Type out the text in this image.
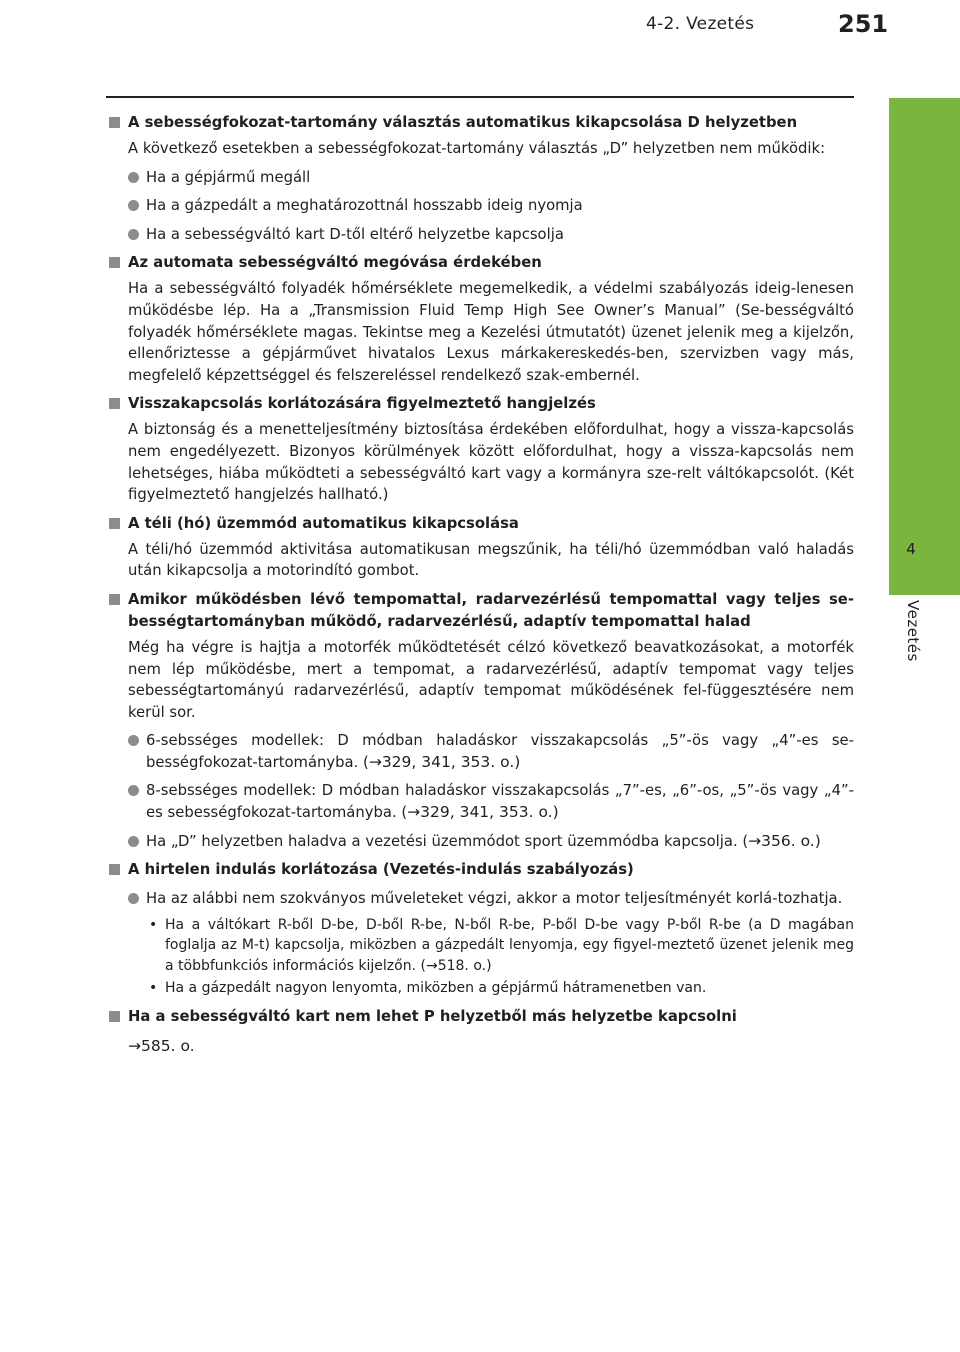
4-2. Vezetés	251
4
Vezetés
A sebességfokozat-tartomány választás automatikus kikapcsolása D helyzetben
A következő esetekben a sebességfokozat-tartomány választás „D” helyzetben nem működik:
Ha a gépjármű megáll
Ha a gázpedált a meghatározottnál hosszabb ideig nyomja
Ha a sebességváltó kart D-től eltérő helyzetbe kapcsolja
Az automata sebességváltó megóvása érdekében
Ha a sebességváltó folyadék hőmérséklete megemelkedik, a védelmi szabályozás ideig-lenesen működésbe lép. Ha a „Transmission Fluid Temp High See Owner’s Manual” (Se-bességváltó folyadék hőmérséklete magas. Tekintse meg a Kezelési útmutatót) üzenet jelenik meg a kijelzőn, ellenőriztesse a gépjárművet hivatalos Lexus márkakereskedés-ben, szervizben vagy más, megfelelő képzettséggel és felszereléssel rendelkező szak-embernél.
Visszakapcsolás korlátozására figyelmeztető hangjelzés
A biztonság és a menetteljesítmény biztosítása érdekében előfordulhat, hogy a vissza-kapcsolás nem engedélyezett. Bizonyos körülmények között előfordulhat, hogy a vissza-kapcsolás nem lehetséges, hiába működteti a sebességváltó kart vagy a kormányra sze-relt váltókapcsolót. (Két figyelmeztető hangjelzés hallható.)
A téli (hó) üzemmód automatikus kikapcsolása
A téli/hó üzemmód aktivitása automatikusan megszűnik, ha téli/hó üzemmódban való haladás után kikapcsolja a motorindító gombot.
Amikor működésben lévő tempomattal, radarvezérlésű tempomattal vagy teljes se-bességtartományban működő, radarvezérlésű, adaptív tempomattal halad
Még ha végre is hajtja a motorfék működtetését célzó következő beavatkozásokat, a motorfék nem lép működésbe, mert a tempomat, a radarvezérlésű, adaptív tempomat vagy teljes sebességtartományú radarvezérlésű, adaptív tempomat működésének fel-függesztésére nem kerül sor.
6-sebsséges modellek: D módban haladáskor visszakapcsolás „5”-ös vagy „4”-es se-bességfokozat-tartományba. (→329, 341, 353. o.)
8-sebsséges modellek: D módban haladáskor visszakapcsolás „7”-es, „6”-os, „5”-ös vagy „4”-es sebességfokozat-tartományba. (→329, 341, 353. o.)
Ha „D” helyzetben haladva a vezetési üzemmódot sport üzemmódba kapcsolja. (→356. o.)
A hirtelen indulás korlátozása (Vezetés-indulás szabályozás)
Ha az alábbi nem szokványos műveleteket végzi, akkor a motor teljesítményét korlá-tozhatja.
• Ha a váltókart R-ből D-be, D-ből R-be, N-ből R-be, P-ből D-be vagy P-ből R-be (a D magában foglalja az M-t) kapcsolja, miközben a gázpedált lenyomja, egy figyel-meztető üzenet jelenik meg a többfunkciós információs kijelzőn. (→518. o.)
• Ha a gázpedált nagyon lenyomta, miközben a gépjármű hátramenetben van.
Ha a sebességváltó kart nem lehet P helyzetből más helyzetbe kapcsolni
→585. o.
